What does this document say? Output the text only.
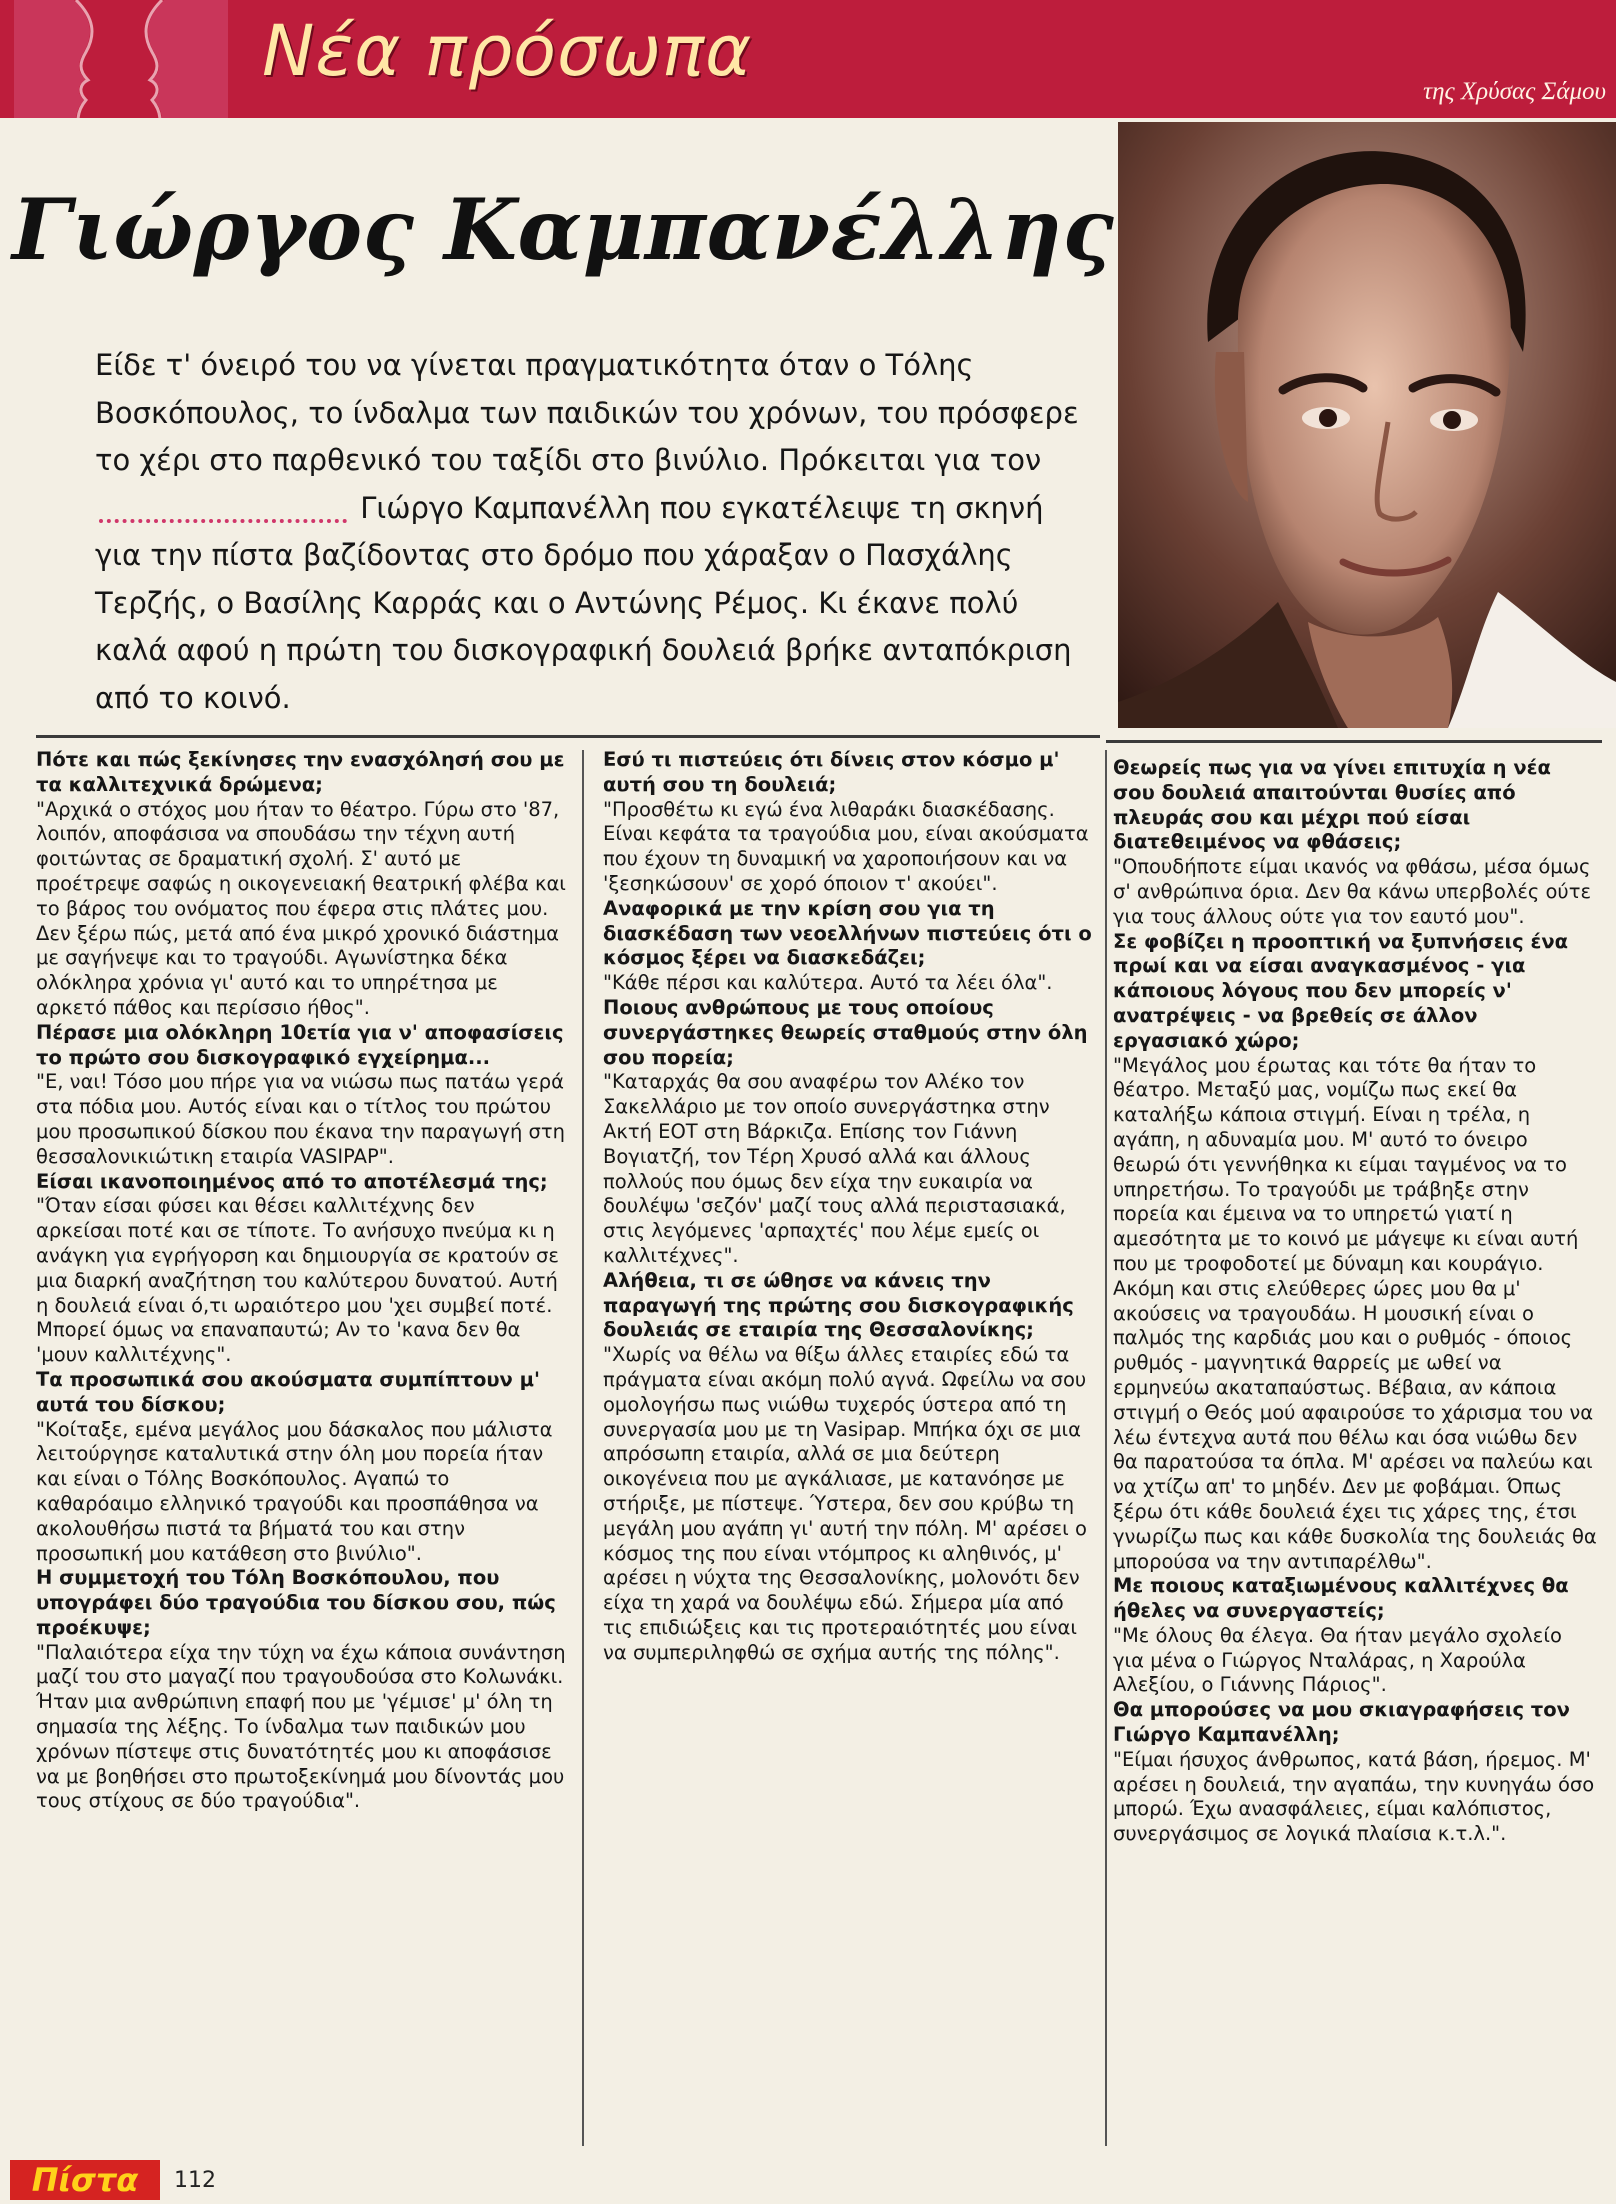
Νέα πρόσωπα	της Χρύσας Σάμου
Γιώργος Καμπανέλλης

Είδε τ' όνειρό του να γίνεται πραγματικότητα όταν ο Τόλης Βοσκόπουλος, το ίνδαλμα των παιδικών του χρόνων, του πρόσφερε το χέρι στο παρθενικό του ταξίδι στο βινύλιο. Πρόκειται για τον  Γιώργο Καμπανέλλη που εγκατέλειψε τη σκηνή για την πίστα βαζίδοντας στο δρόμο που χάραξαν ο Πασχάλης Τερζής, ο Βασίλης Καρράς και ο Αντώνης Ρέμος. Κι έκανε πολύ καλά αφού η πρώτη του δισκογραφική δουλειά βρήκε ανταπόκριση από το κοινό.

Πότε και πώς ξεκίνησες την ενασχόλησή σου με τα καλλιτεχνικά δρώμενα;

"Αρχικά ο στόχος μου ήταν το θέατρο. Γύρω στο '87, λοιπόν, αποφάσισα να σπουδάσω την τέχνη αυτή φοιτώντας σε δραματική σχολή. Σ' αυτό με προέτρεψε σαφώς η οικογενειακή θεατρική φλέβα και το βάρος του ονόματος που έφερα στις πλάτες μου. Δεν ξέρω πώς, μετά από ένα μικρό χρονικό διάστημα με σαγήνεψε και το τραγούδι. Αγωνίστηκα δέκα ολόκληρα χρόνια γι' αυτό και το υπηρέτησα με αρκετό πάθος και περίσσιο ήθος".

Πέρασε μια ολόκληρη 10ετία για ν' αποφασίσεις το πρώτο σου δισκογραφικό εγχείρημα...

"Ε, ναι! Τόσο μου πήρε για να νιώσω πως πατάω γερά στα πόδια μου. Αυτός είναι και ο τίτλος του πρώτου μου προσωπικού δίσκου που έκανα την παραγωγή στη θεσσαλονικιώτικη εταιρία VASIPAP".

Είσαι ικανοποιημένος από το αποτέλεσμά της;

"Όταν είσαι φύσει και θέσει καλλιτέχνης δεν αρκείσαι ποτέ και σε τίποτε. Το ανήσυχο πνεύμα κι η ανάγκη για εγρήγορση και δημιουργία σε κρατούν σε μια διαρκή αναζήτηση του καλύτερου δυνατού. Αυτή η δουλειά είναι ό,τι ωραιότερο μου 'χει συμβεί ποτέ. Μπορεί όμως να επαναπαυτώ; Αν το 'κανα δεν θα 'μουν καλλιτέχνης".

Τα προσωπικά σου ακούσματα συμπίπτουν μ' αυτά του δίσκου;

"Κοίταξε, εμένα μεγάλος μου δάσκαλος που μάλιστα λειτούργησε καταλυτικά στην όλη μου πορεία ήταν και είναι ο Τόλης Βοσκόπουλος. Αγαπώ το καθαρόαιμο ελληνικό τραγούδι και προσπάθησα να ακολουθήσω πιστά τα βήματά του και στην προσωπική μου κατάθεση στο βινύλιο".

Η συμμετοχή του Τόλη Βοσκόπουλου, που υπογράφει δύο τραγούδια του δίσκου σου, πώς προέκυψε;

"Παλαιότερα είχα την τύχη να έχω κάποια συνάντηση μαζί του στο μαγαζί που τραγουδούσα στο Κολωνάκι. Ήταν μια ανθρώπινη επαφή που με 'γέμισε' μ' όλη τη σημασία της λέξης. Το ίνδαλμα των παιδικών μου χρόνων πίστεψε στις δυνατότητές μου κι αποφάσισε να με βοηθήσει στο πρωτοξεκίνημά μου δίνοντάς μου τους στίχους σε δύο τραγούδια".

Εσύ τι πιστεύεις ότι δίνεις στον κόσμο μ' αυτή σου τη δουλειά;

"Προσθέτω κι εγώ ένα λιθαράκι διασκέδασης. Είναι κεφάτα τα τραγούδια μου, είναι ακούσματα που έχουν τη δυναμική να χαροποιήσουν και να 'ξεσηκώσουν' σε χορό όποιον τ' ακούει".

Αναφορικά με την κρίση σου για τη διασκέδαση των νεοελλήνων πιστεύεις ότι ο κόσμος ξέρει να διασκεδάζει;

"Κάθε πέρσι και καλύτερα. Αυτό τα λέει όλα".

Ποιους ανθρώπους με τους οποίους συνεργάστηκες θεωρείς σταθμούς στην όλη σου πορεία;

"Καταρχάς θα σου αναφέρω τον Αλέκο τον Σακελλάριο με τον οποίο συνεργάστηκα στην Ακτή ΕΟΤ στη Βάρκιζα. Επίσης τον Γιάννη Βογιατζή, τον Τέρη Χρυσό αλλά και άλλους πολλούς που όμως δεν είχα την ευκαιρία να δουλέψω 'σεζόν' μαζί τους αλλά περιστασιακά, στις λεγόμενες 'αρπαχτές' που λέμε εμείς οι καλλιτέχνες".

Αλήθεια, τι σε ώθησε να κάνεις την παραγωγή της πρώτης σου δισκογραφικής δουλειάς σε εταιρία της Θεσσαλονίκης;

"Χωρίς να θέλω να θίξω άλλες εταιρίες εδώ τα πράγματα είναι ακόμη πολύ αγνά. Ωφείλω να σου ομολογήσω πως νιώθω τυχερός ύστερα από τη συνεργασία μου με τη Vasipap. Μπήκα όχι σε μια απρόσωπη εταιρία, αλλά σε μια δεύτερη οικογένεια που με αγκάλιασε, με κατανόησε με στήριξε, με πίστεψε. Ύστερα, δεν σου κρύβω τη μεγάλη μου αγάπη γι' αυτή την πόλη. Μ' αρέσει ο κόσμος της που είναι ντόμπρος κι αληθινός, μ' αρέσει η νύχτα της Θεσσαλονίκης, μολονότι δεν είχα τη χαρά να δουλέψω εδώ. Σήμερα μία από τις επιδιώξεις και τις προτεραιότητές μου είναι να συμπεριληφθώ σε σχήμα αυτής της πόλης".

Θεωρείς πως για να γίνει επιτυχία η νέα σου δουλειά απαιτούνται θυσίες από πλευράς σου και μέχρι πού είσαι διατεθειμένος να φθάσεις;

"Οπουδήποτε είμαι ικανός να φθάσω, μέσα όμως σ' ανθρώπινα όρια. Δεν θα κάνω υπερβολές ούτε για τους άλλους ούτε για τον εαυτό μου".

Σε φοβίζει η προοπτική να ξυπνήσεις ένα πρωί και να είσαι αναγκασμένος - για κάποιους λόγους που δεν μπορείς ν' ανατρέψεις - να βρεθείς σε άλλον εργασιακό χώρο;

"Μεγάλος μου έρωτας και τότε θα ήταν το θέατρο. Μεταξύ μας, νομίζω πως εκεί θα καταλήξω κάποια στιγμή. Είναι η τρέλα, η αγάπη, η αδυναμία μου. Μ' αυτό το όνειρο θεωρώ ότι γεννήθηκα κι είμαι ταγμένος να το υπηρετήσω. Το τραγούδι με τράβηξε στην πορεία και έμεινα να το υπηρετώ γιατί η αμεσότητα με το κοινό με μάγεψε κι είναι αυτή που με τροφοδοτεί με δύναμη και κουράγιο. Ακόμη και στις ελεύθερες ώρες μου θα μ' ακούσεις να τραγουδάω. Η μουσική είναι ο παλμός της καρδιάς μου και ο ρυθμός - όποιος ρυθμός - μαγνητικά θαρρείς με ωθεί να ερμηνεύω ακαταπαύστως. Βέβαια, αν κάποια στιγμή ο Θεός μού αφαιρούσε το χάρισμα του να λέω έντεχνα αυτά που θέλω και όσα νιώθω δεν θα παρατούσα τα όπλα. Μ' αρέσει να παλεύω και να χτίζω απ' το μηδέν. Δεν με φοβάμαι. Όπως ξέρω ότι κάθε δουλειά έχει τις χάρες της, έτσι γνωρίζω πως και κάθε δυσκολία της δουλειάς θα μπορούσα να την αντιπαρέλθω".

Με ποιους καταξιωμένους καλλιτέχνες θα ήθελες να συνεργαστείς;

"Με όλους θα έλεγα. Θα ήταν μεγάλο σχολείο για μένα ο Γιώργος Νταλάρας, η Χαρούλα Αλεξίου, ο Γιάννης Πάριος".

Θα μπορούσες να μου σκιαγραφήσεις τον Γιώργο Καμπανέλλη;

"Είμαι ήσυχος άνθρωπος, κατά βάση, ήρεμος. Μ' αρέσει η δουλειά, την αγαπάω, την κυνηγάω όσο μπορώ. Έχω ανασφάλειες, είμαι καλόπιστος, συνεργάσιμος σε λογικά πλαίσια κ.τ.λ.".

Πίστα	112
